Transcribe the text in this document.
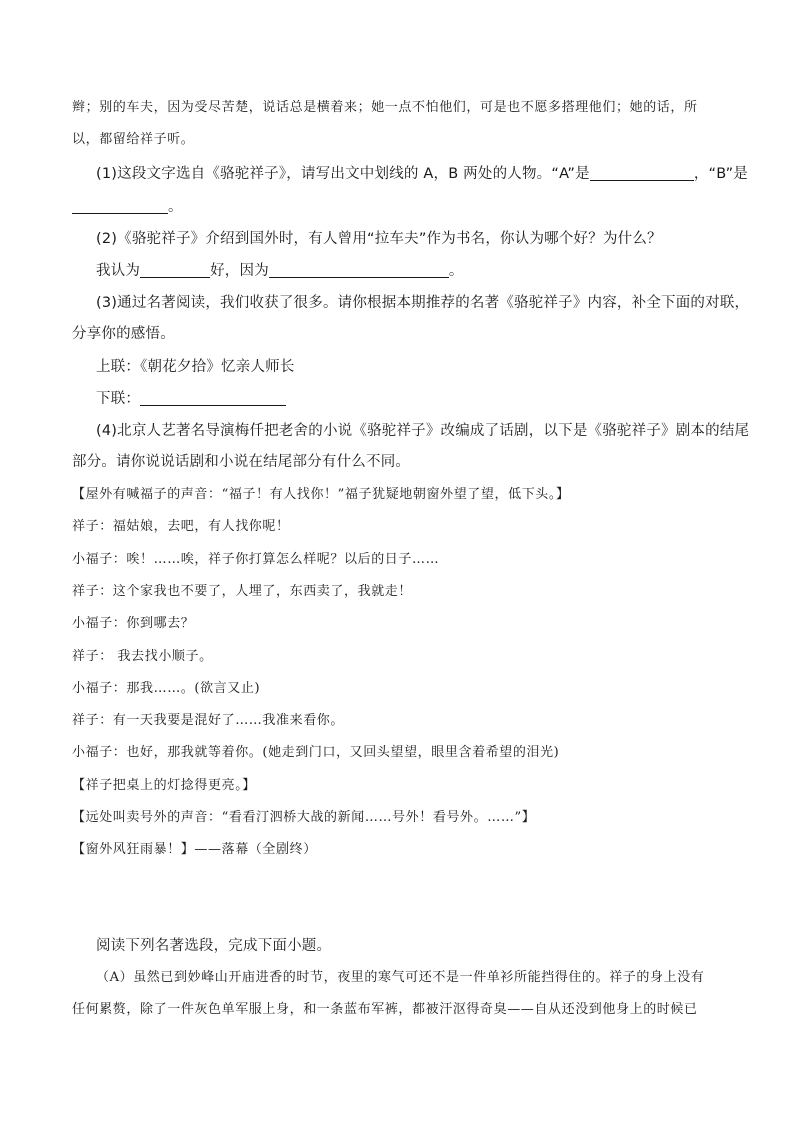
辫；别的车夫，因为受尽苦楚，说话总是横着来；她一点不怕他们，可是也不愿多搭理他们；她的话，所
以，都留给祥子听。
(1)这段文字选自《骆驼祥子》，请写出文中划线的 A，B 两处的人物。“A”是	，“B”是
。
(2)《骆驼祥子》介绍到国外时，有人曾用“拉车夫”作为书名，你认为哪个好？为什么？
我认为	好，因为	。
(3)通过名著阅读，我们收获了很多。请你根据本期推荐的名著《骆驼祥子》内容，补全下面的对联，
分享你的感悟。
上联：《朝花夕拾》忆亲人师长
下联：
(4)北京人艺著名导演梅仟把老舍的小说《骆驼祥子》改编成了话剧，以下是《骆驼祥子》剧本的结尾
部分。请你说说话剧和小说在结尾部分有什么不同。
【屋外有喊福子的声音：“福子！有人找你！”福子犹疑地朝窗外望了望，低下头。】
祥子：福姑娘，去吧，有人找你呢！
小福子：唉！……唉，祥子你打算怎么样呢？以后的日子……
祥子：这个家我也不要了，人埋了，东西卖了，我就走！
小福子：你到哪去？
祥子： 我去找小顺子。
小福子：那我……。(欲言又止)
祥子：有一天我要是混好了……我准来看你。
小福子：也好，那我就等着你。(她走到门口，又回头望望，眼里含着希望的泪光)
【祥子把桌上的灯捻得更亮。】
【远处叫卖号外的声音：“看看汀泗桥大战的新闻……号外！看号外。……”】
【窗外风狂雨暴！】——落幕（全剧终）
阅读下列名著选段，完成下面小题。
（A）虽然已到妙峰山开庙进香的时节，夜里的寒气可还不是一件单衫所能挡得住的。祥子的身上没有
任何累赘，除了一件灰色单军服上身，和一条蓝布军裤，都被汗沤得奇臭——自从还没到他身上的时候已
